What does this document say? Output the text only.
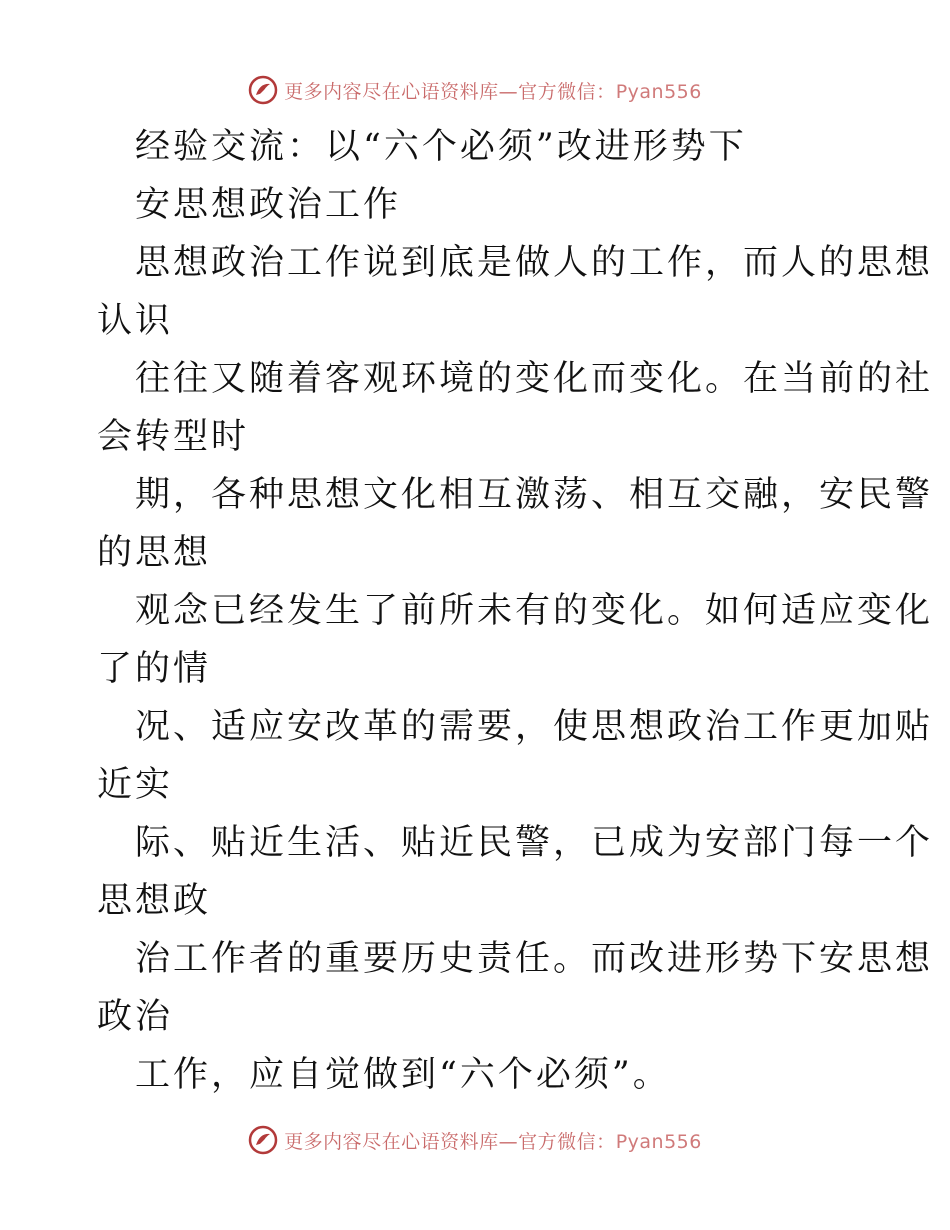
更多内容尽在心语资料库—官方微信：Pyan556
经验交流：以“六个必须”改进形势下
安思想政治工作
思想政治工作说到底是做人的工作，而人的思想
认识
往往又随着客观环境的变化而变化。在当前的社
会转型时
期，各种思想文化相互激荡、相互交融，安民警
的思想
观念已经发生了前所未有的变化。如何适应变化
了的情
况、适应安改革的需要，使思想政治工作更加贴
近实
际、贴近生活、贴近民警，已成为安部门每一个
思想政
治工作者的重要历史责任。而改进形势下安思想
政治
工作，应自觉做到“六个必须”。
更多内容尽在心语资料库—官方微信：Pyan556
